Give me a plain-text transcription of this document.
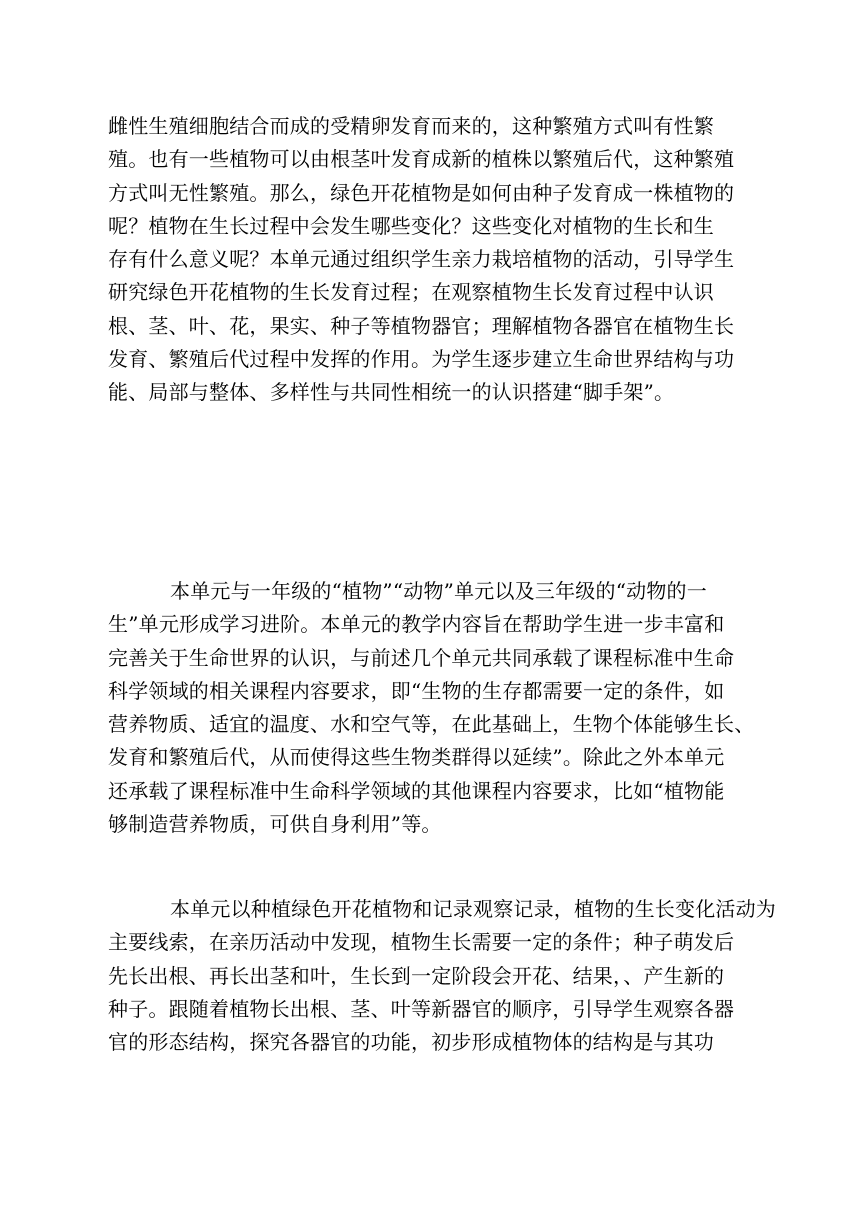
雌性生殖细胞结合而成的受精卵发育而来的，这种繁殖方式叫有性繁
殖。也有一些植物可以由根茎叶发育成新的植株以繁殖后代，这种繁殖
方式叫无性繁殖。那么，绿色开花植物是如何由种子发育成一株植物的
呢？植物在生长过程中会发生哪些变化？这些变化对植物的生长和生
存有什么意义呢？本单元通过组织学生亲力栽培植物的活动，引导学生
研究绿色开花植物的生长发育过程；在观察植物生长发育过程中认识
根、茎、叶、花，果实、种子等植物器官；理解植物各器官在植物生长
发育、繁殖后代过程中发挥的作用。为学生逐步建立生命世界结构与功
能、局部与整体、多样性与共同性相统一的认识搭建“脚手架”。
本单元与一年级的“植物”“动物”单元以及三年级的“动物的一
生”单元形成学习进阶。本单元的教学内容旨在帮助学生进一步丰富和
完善关于生命世界的认识，与前述几个单元共同承载了课程标准中生命
科学领域的相关课程内容要求，即“生物的生存都需要一定的条件，如
营养物质、适宜的温度、水和空气等，在此基础上，生物个体能够生长、
发育和繁殖后代，从而使得这些生物类群得以延续”。除此之外本单元
还承载了课程标准中生命科学领域的其他课程内容要求，比如“植物能
够制造营养物质，可供自身利用”等。
本单元以种植绿色开花植物和记录观察记录，植物的生长变化活动为
主要线索，在亲历活动中发现，植物生长需要一定的条件；种子萌发后
先长出根、再长出茎和叶，生长到一定阶段会开花、结果，、产生新的
种子。跟随着植物长出根、茎、叶等新器官的顺序，引导学生观察各器
官的形态结构，探究各器官的功能，初步形成植物体的结构是与其功
